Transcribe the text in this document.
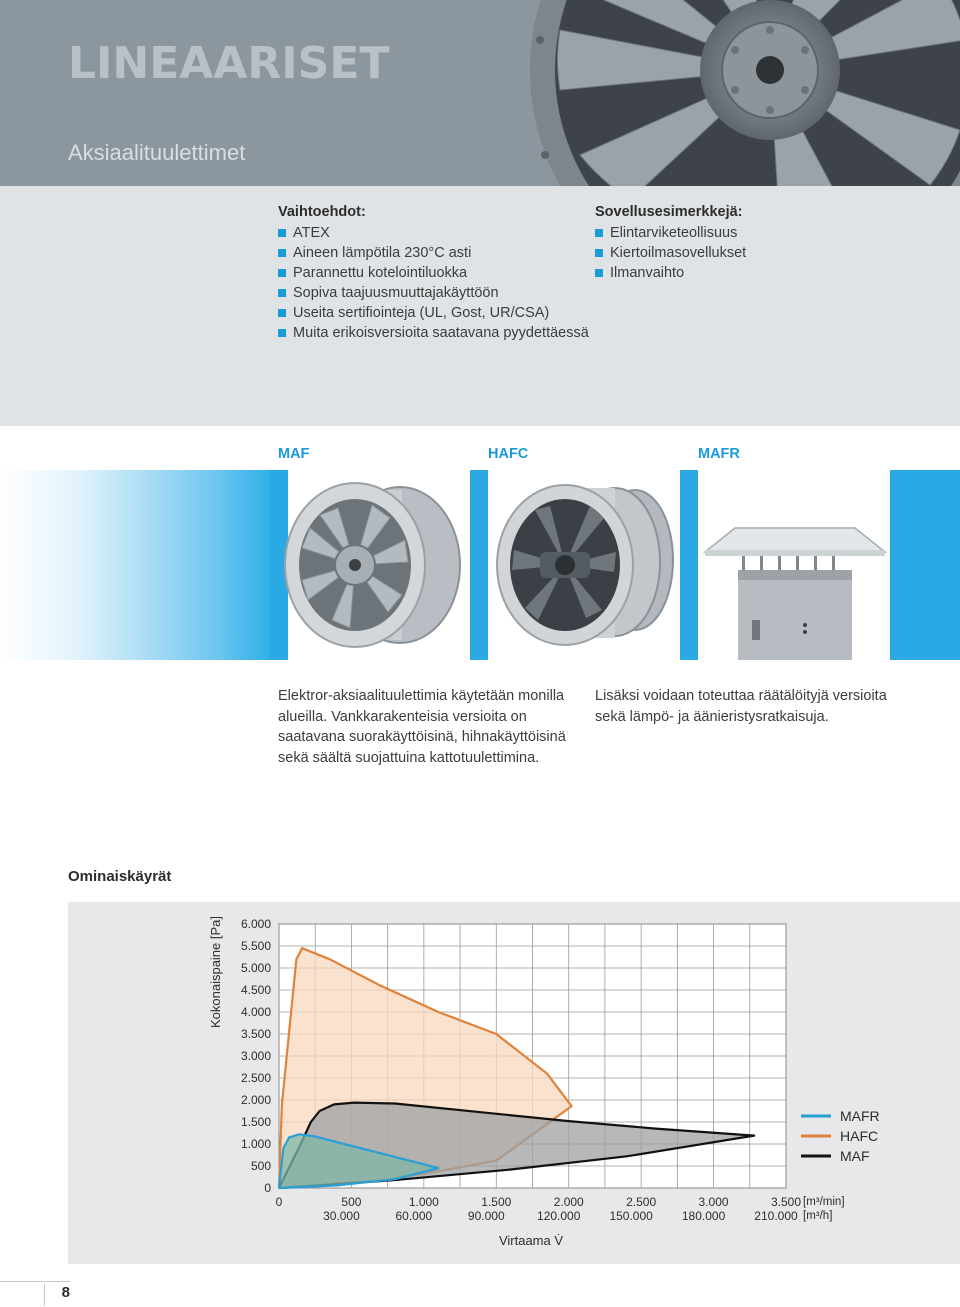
LINEAARISET
Aksiaalituulettimet
Vaihtoehdot:
ATEX
Aineen lämpötila 230°C asti
Parannettu kotelointiluokka
Sopiva taajuusmuuttajakäyttöön
Useita sertifiointeja (UL, Gost, UR/CSA)
Muita erikoisversioita saatavana pyydettäessä
Sovellusesimerkkejä:
Elintarviketeollisuus
Kiertoilmasovellukset
Ilmanvaihto
MAF	HAFC	MAFR
Elektror-aksiaalituulettimia käytetään monilla alueilla. Vankkarakenteisia versioita on saatavana suorakäyttöisinä, hihnakäyttöisinä sekä säältä suojattuina kattotuulettimina.
Lisäksi voidaan toteuttaa räätälöityjä versioita sekä lämpö- ja äänieristysratkaisuja.
Ominaiskäyrät
0
500
1.000
1.500
2.000
2.500
3.000
3.500
4.000
4.500
5.000
5.500
6.000
0	500
30.000
1.000
60.000
1.500
90.000
2.000
120.000
2.500
150.000
3.000
180.000
3.500
210.000
Kokonaispaine [Pa]
Virtaama V̇
[m³/min]
[m³/h]
MAFR
HAFC
MAF
8
